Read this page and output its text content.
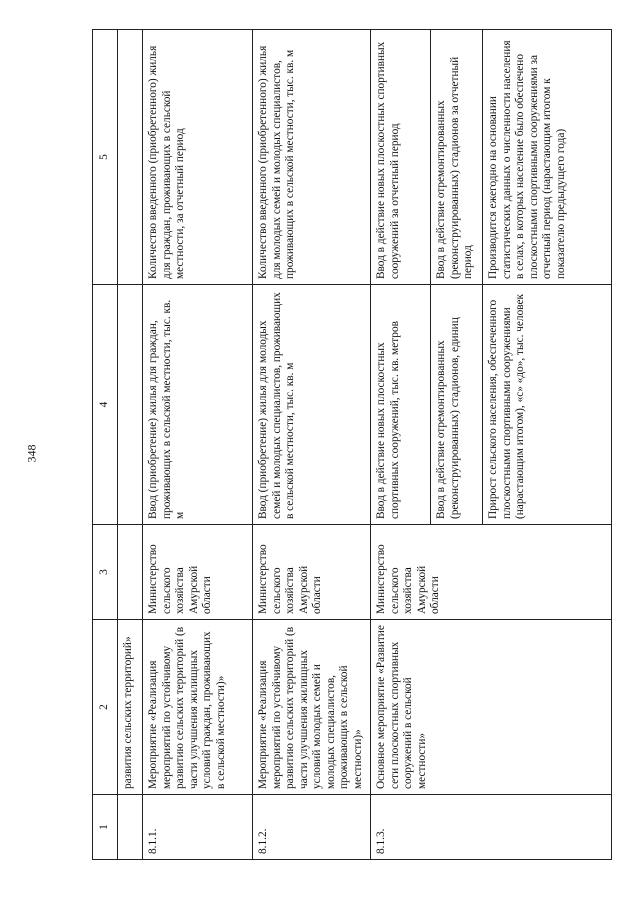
348
1	2	3	4	5
	развития сельских территорий»			
8.1.1.	Мероприятие «Реализация мероприятий по устойчивому развитию сельских территорий (в части улучшения жилищных условий граждан, проживающих в сельской местности)»	Министерство сельского хозяйства Амурской области	Ввод (приобретение) жилья для граждан, проживающих в сельской местности, тыс. кв. м	Количество введенного (приобретенного) жилья для граждан, проживающих в сельской местности, за отчетный период
8.1.2.	Мероприятие «Реализация мероприятий по устойчивому развитию сельских территорий (в части улучшения жилищных условий молодых семей и молодых специалистов, проживающих в сельской местности)»	Министерство сельского хозяйства Амурской области	Ввод (приобретение) жилья для молодых семей и молодых специалистов, проживающих в сельской местности, тыс. кв. м	Количество введенного (приобретенного) жилья для молодых семей и молодых специалистов, проживающих в сельской местности, тыс. кв. м
8.1.3.	Основное мероприятие «Развитие сети плоскостных спортивных сооружений в сельской местности»	Министерство сельского хозяйства Амурской области	Ввод в действие новых плоскостных спортивных сооружений, тыс. кв. метров	Ввод в действие новых плоскостных спортивных сооружений за отчетный период
			Ввод в действие отремонтированных (реконструированных) стадионов, единиц	Ввод в действие отремонтированных (реконструированных) стадионов за отчетный период
			Прирост сельского населения, обеспеченного плоскостными спортивными сооружениями (нарастающим итогом), «с» «до», тыс. человек	Производится ежегодно на основании статистических данных о численности населения в селах, в которых население было обеспечено плоскостными спортивными сооружениями за отчетный период (нарастающим итогом к показателю предыдущего года)
